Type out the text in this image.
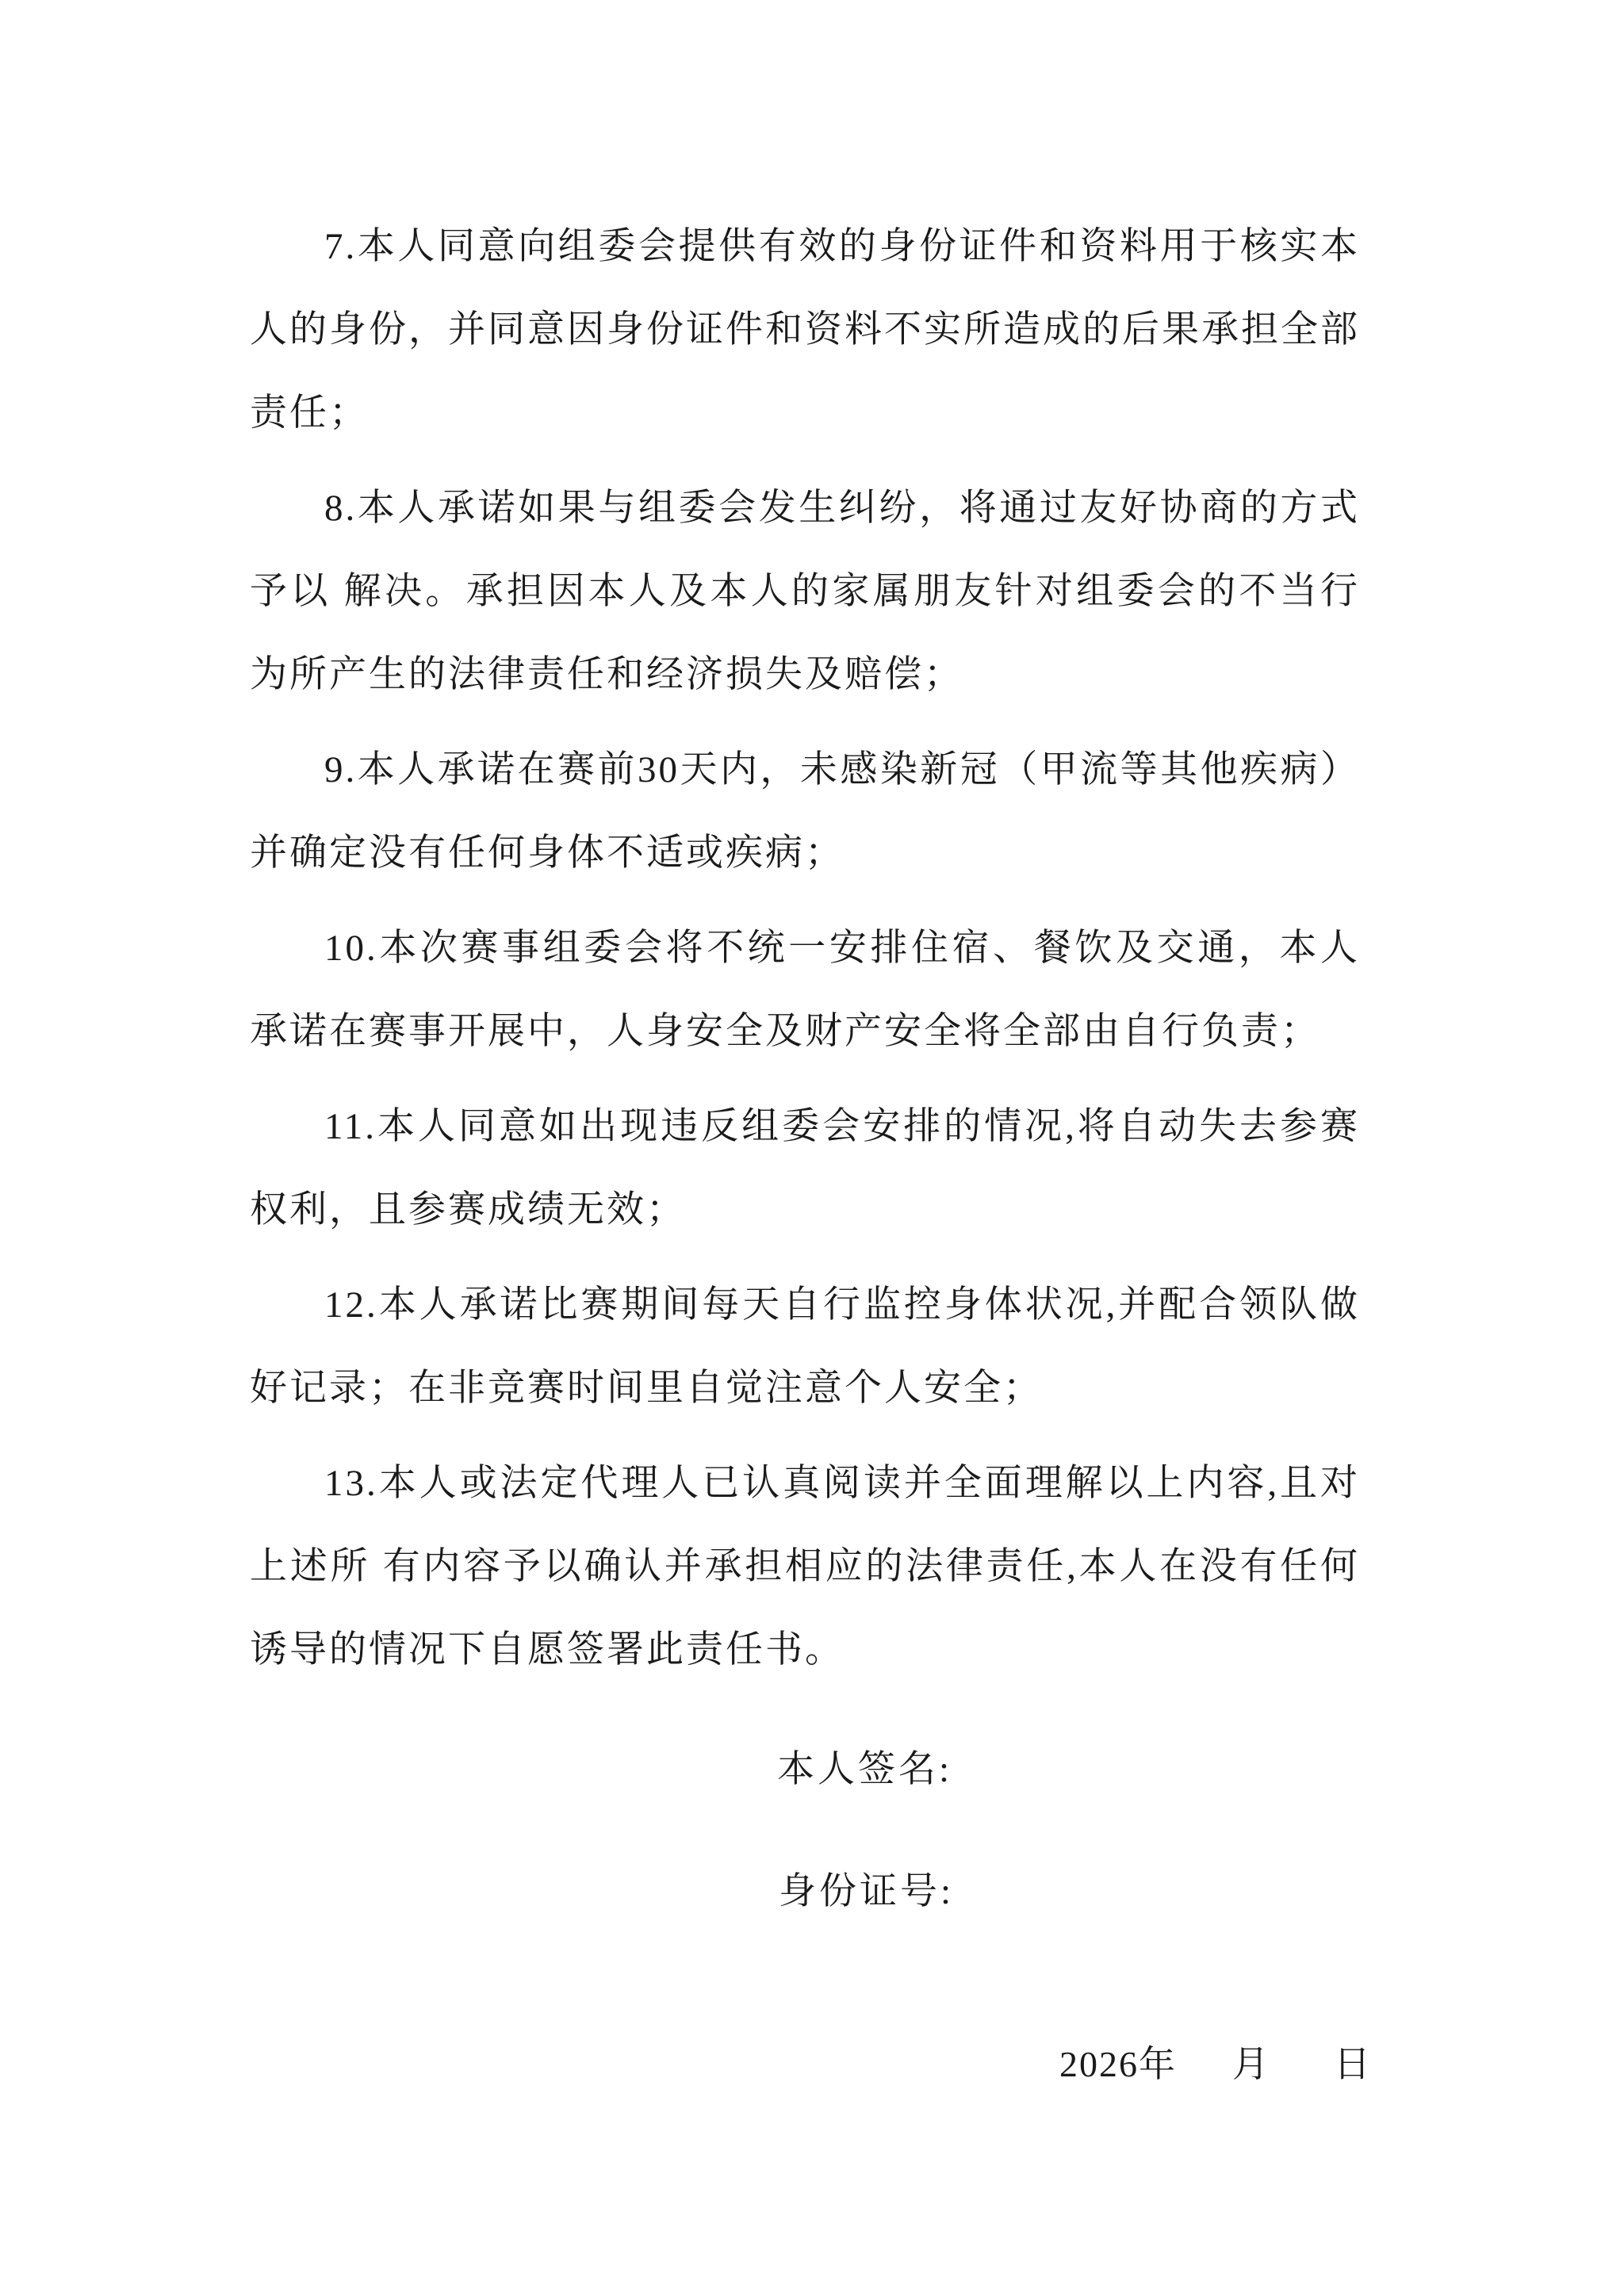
7.本人同意向组委会提供有效的身份证件和资料用于核实本人的身份，并同意因身份证件和资料不实所造成的后果承担全部责任；

8.本人承诺如果与组委会发生纠纷，将通过友好协商的方式予以 解决。承担因本人及本人的家属朋友针对组委会的不当行为所产生的法律责任和经济损失及赔偿；

9.本人承诺在赛前30天内，未感染新冠（甲流等其他疾病）并确定没有任何身体不适或疾病；

10.本次赛事组委会将不统一安排住宿、餐饮及交通，本人承诺在赛事开展中，人身安全及财产安全将全部由自行负责；

11.本人同意如出现违反组委会安排的情况,将自动失去参赛权利，且参赛成绩无效；

12.本人承诺比赛期间每天自行监控身体状况,并配合领队做好记录；在非竞赛时间里自觉注意个人安全；

13.本人或法定代理人已认真阅读并全面理解以上内容,且对上述所 有内容予以确认并承担相应的法律责任,本人在没有任何诱导的情况下自愿签署此责任书。

本人签名:
身份证号:
2026年 月 日
